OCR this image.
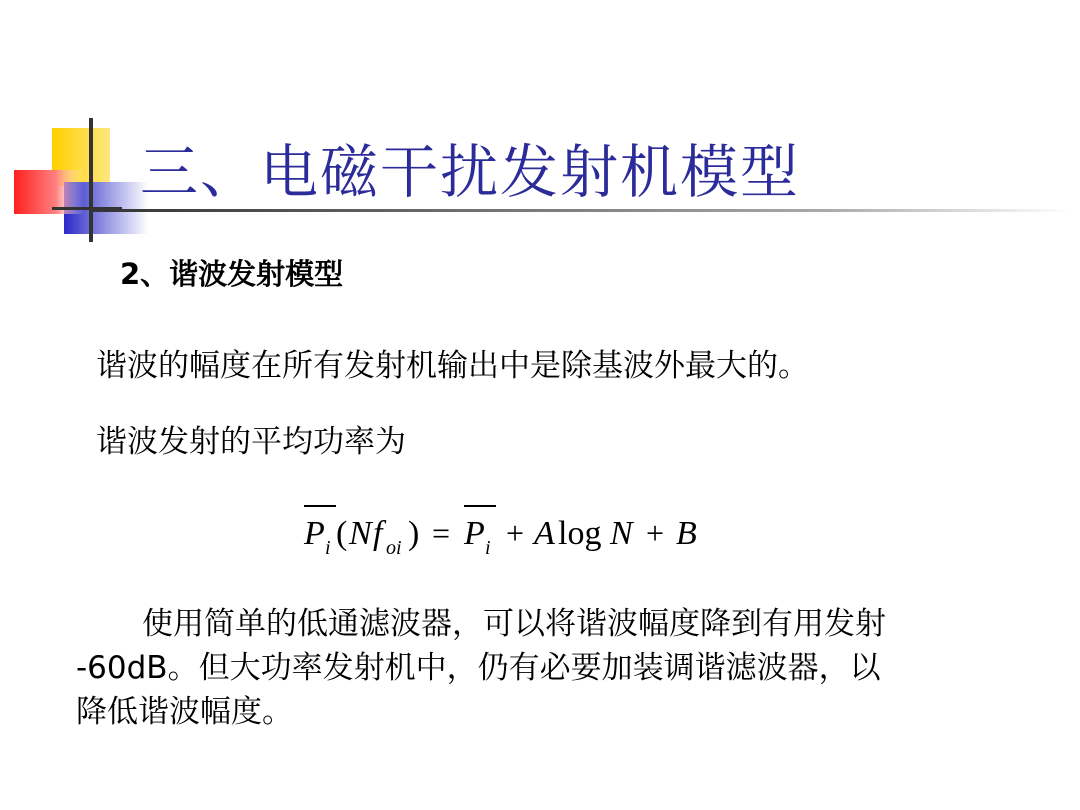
三、电磁干扰发射机模型
2、谐波发射模型
谐波的幅度在所有发射机输出中是除基波外最大的。
谐波发射的平均功率为
P i ( N f oi ) = P i + A log N + B
使用简单的低通滤波器，可以将谐波幅度降到有用发射
-60dB。但大功率发射机中，仍有必要加装调谐滤波器，以
降低谐波幅度。
